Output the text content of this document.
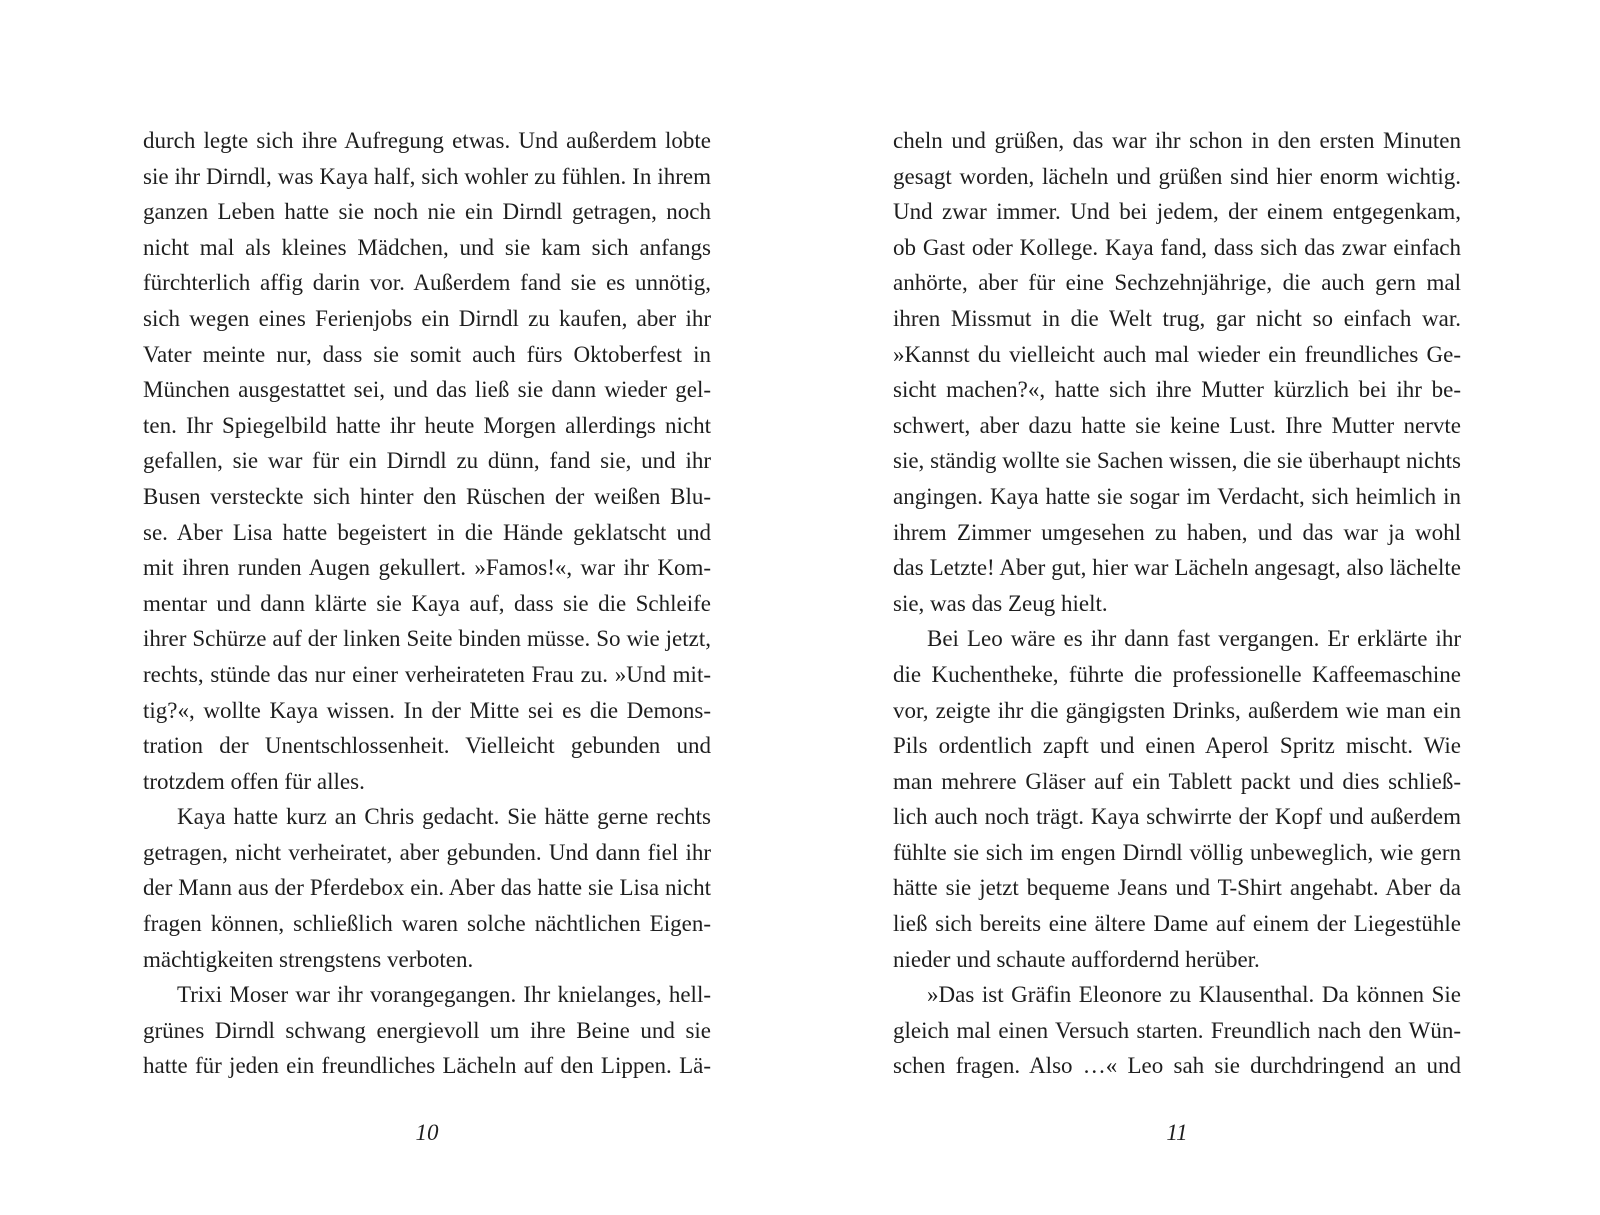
durch legte sich ihre Aufregung etwas. Und außerdem lobte
sie ihr Dirndl, was Kaya half, sich wohler zu fühlen. In ihrem
ganzen Leben hatte sie noch nie ein Dirndl getragen, noch
nicht mal als kleines Mädchen, und sie kam sich anfangs
fürchterlich affig darin vor. Außerdem fand sie es unnötig,
sich wegen eines Ferienjobs ein Dirndl zu kaufen, aber ihr
Vater meinte nur, dass sie somit auch fürs Oktoberfest in
München ausgestattet sei, und das ließ sie dann wieder gel-
ten. Ihr Spiegelbild hatte ihr heute Morgen allerdings nicht
gefallen, sie war für ein Dirndl zu dünn, fand sie, und ihr
Busen versteckte sich hinter den Rüschen der weißen Blu-
se. Aber Lisa hatte begeistert in die Hände geklatscht und
mit ihren runden Augen gekullert. »Famos!«, war ihr Kom-
mentar und dann klärte sie Kaya auf, dass sie die Schleife
ihrer Schürze auf der linken Seite binden müsse. So wie jetzt,
rechts, stünde das nur einer verheirateten Frau zu. »Und mit-
tig?«, wollte Kaya wissen. In der Mitte sei es die Demons-
tration der Unentschlossenheit. Vielleicht gebunden und
trotzdem offen für alles.
Kaya hatte kurz an Chris gedacht. Sie hätte gerne rechts
getragen, nicht verheiratet, aber gebunden. Und dann fiel ihr
der Mann aus der Pferdebox ein. Aber das hatte sie Lisa nicht
fragen können, schließlich waren solche nächtlichen Eigen-
mächtigkeiten strengstens verboten.
Trixi Moser war ihr vorangegangen. Ihr knielanges, hell-
grünes Dirndl schwang energievoll um ihre Beine und sie
hatte für jeden ein freundliches Lächeln auf den Lippen. Lä-
10
cheln und grüßen, das war ihr schon in den ersten Minuten
gesagt worden, lächeln und grüßen sind hier enorm wichtig.
Und zwar immer. Und bei jedem, der einem entgegenkam,
ob Gast oder Kollege. Kaya fand, dass sich das zwar einfach
anhörte, aber für eine Sechzehnjährige, die auch gern mal
ihren Missmut in die Welt trug, gar nicht so einfach war.
»Kannst du vielleicht auch mal wieder ein freundliches Ge-
sicht machen?«, hatte sich ihre Mutter kürzlich bei ihr be-
schwert, aber dazu hatte sie keine Lust. Ihre Mutter nervte
sie, ständig wollte sie Sachen wissen, die sie überhaupt nichts
angingen. Kaya hatte sie sogar im Verdacht, sich heimlich in
ihrem Zimmer umgesehen zu haben, und das war ja wohl
das Letzte! Aber gut, hier war Lächeln angesagt, also lächelte
sie, was das Zeug hielt.
Bei Leo wäre es ihr dann fast vergangen. Er erklärte ihr
die Kuchentheke, führte die professionelle Kaffeemaschine
vor, zeigte ihr die gängigsten Drinks, außerdem wie man ein
Pils ordentlich zapft und einen Aperol Spritz mischt. Wie
man mehrere Gläser auf ein Tablett packt und dies schließ-
lich auch noch trägt. Kaya schwirrte der Kopf und außerdem
fühlte sie sich im engen Dirndl völlig unbeweglich, wie gern
hätte sie jetzt bequeme Jeans und T-Shirt angehabt. Aber da
ließ sich bereits eine ältere Dame auf einem der Liegestühle
nieder und schaute auffordernd herüber.
»Das ist Gräfin Eleonore zu Klausenthal. Da können Sie
gleich mal einen Versuch starten. Freundlich nach den Wün-
schen fragen. Also …« Leo sah sie durchdringend an und
11
